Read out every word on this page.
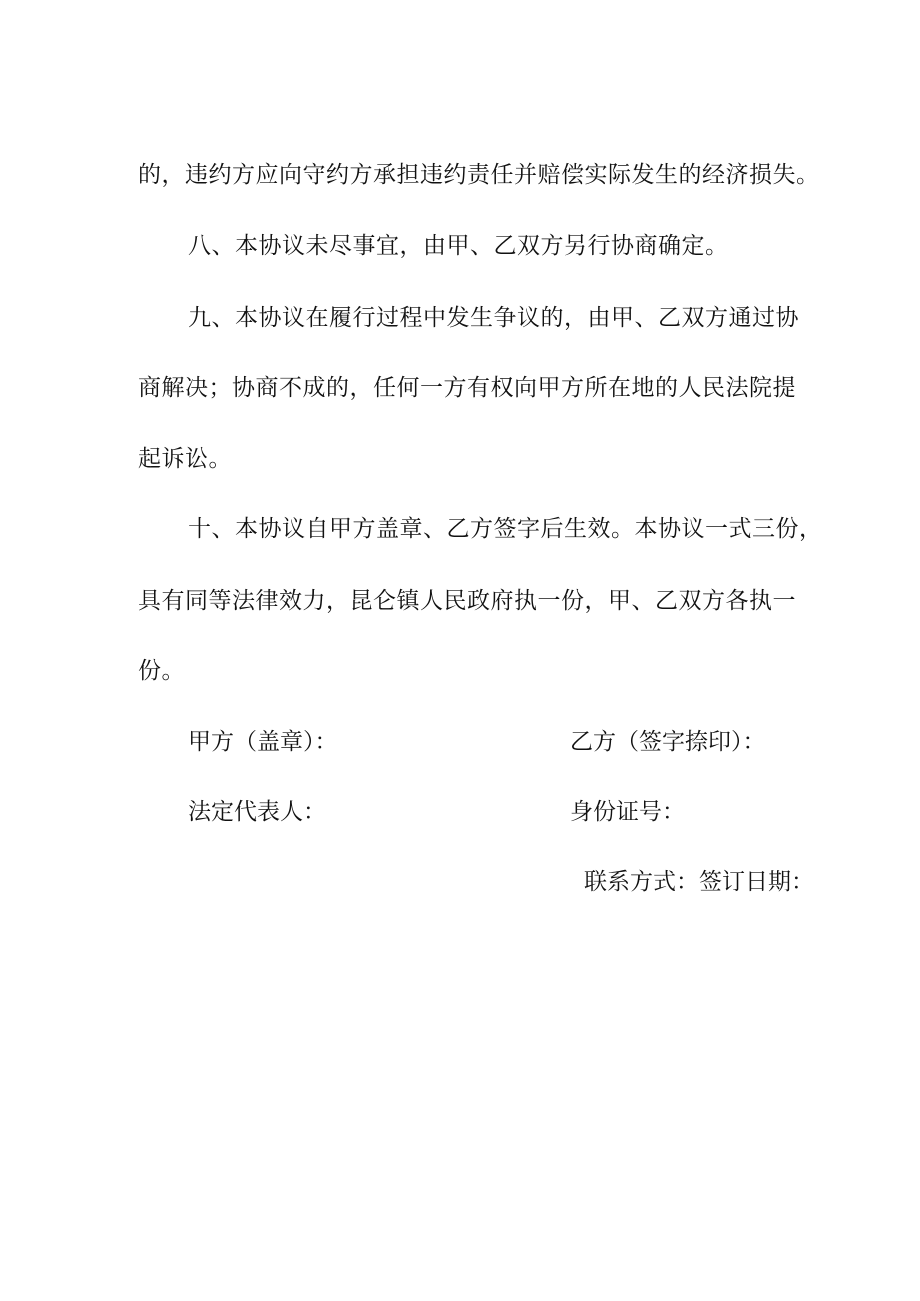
的，违约方应向守约方承担违约责任并赔偿实际发生的经济损失。
八、本协议未尽事宜，由甲、乙双方另行协商确定。
九、本协议在履行过程中发生争议的，由甲、乙双方通过协
商解决；协商不成的，任何一方有权向甲方所在地的人民法院提
起诉讼。
十、本协议自甲方盖章、乙方签字后生效。本协议一式三份，
具有同等法律效力，昆仑镇人民政府执一份，甲、乙双方各执一
份。
甲方（盖章）：	乙方（签字捺印）：
法定代表人：	身份证号：
联系方式：签订日期：
